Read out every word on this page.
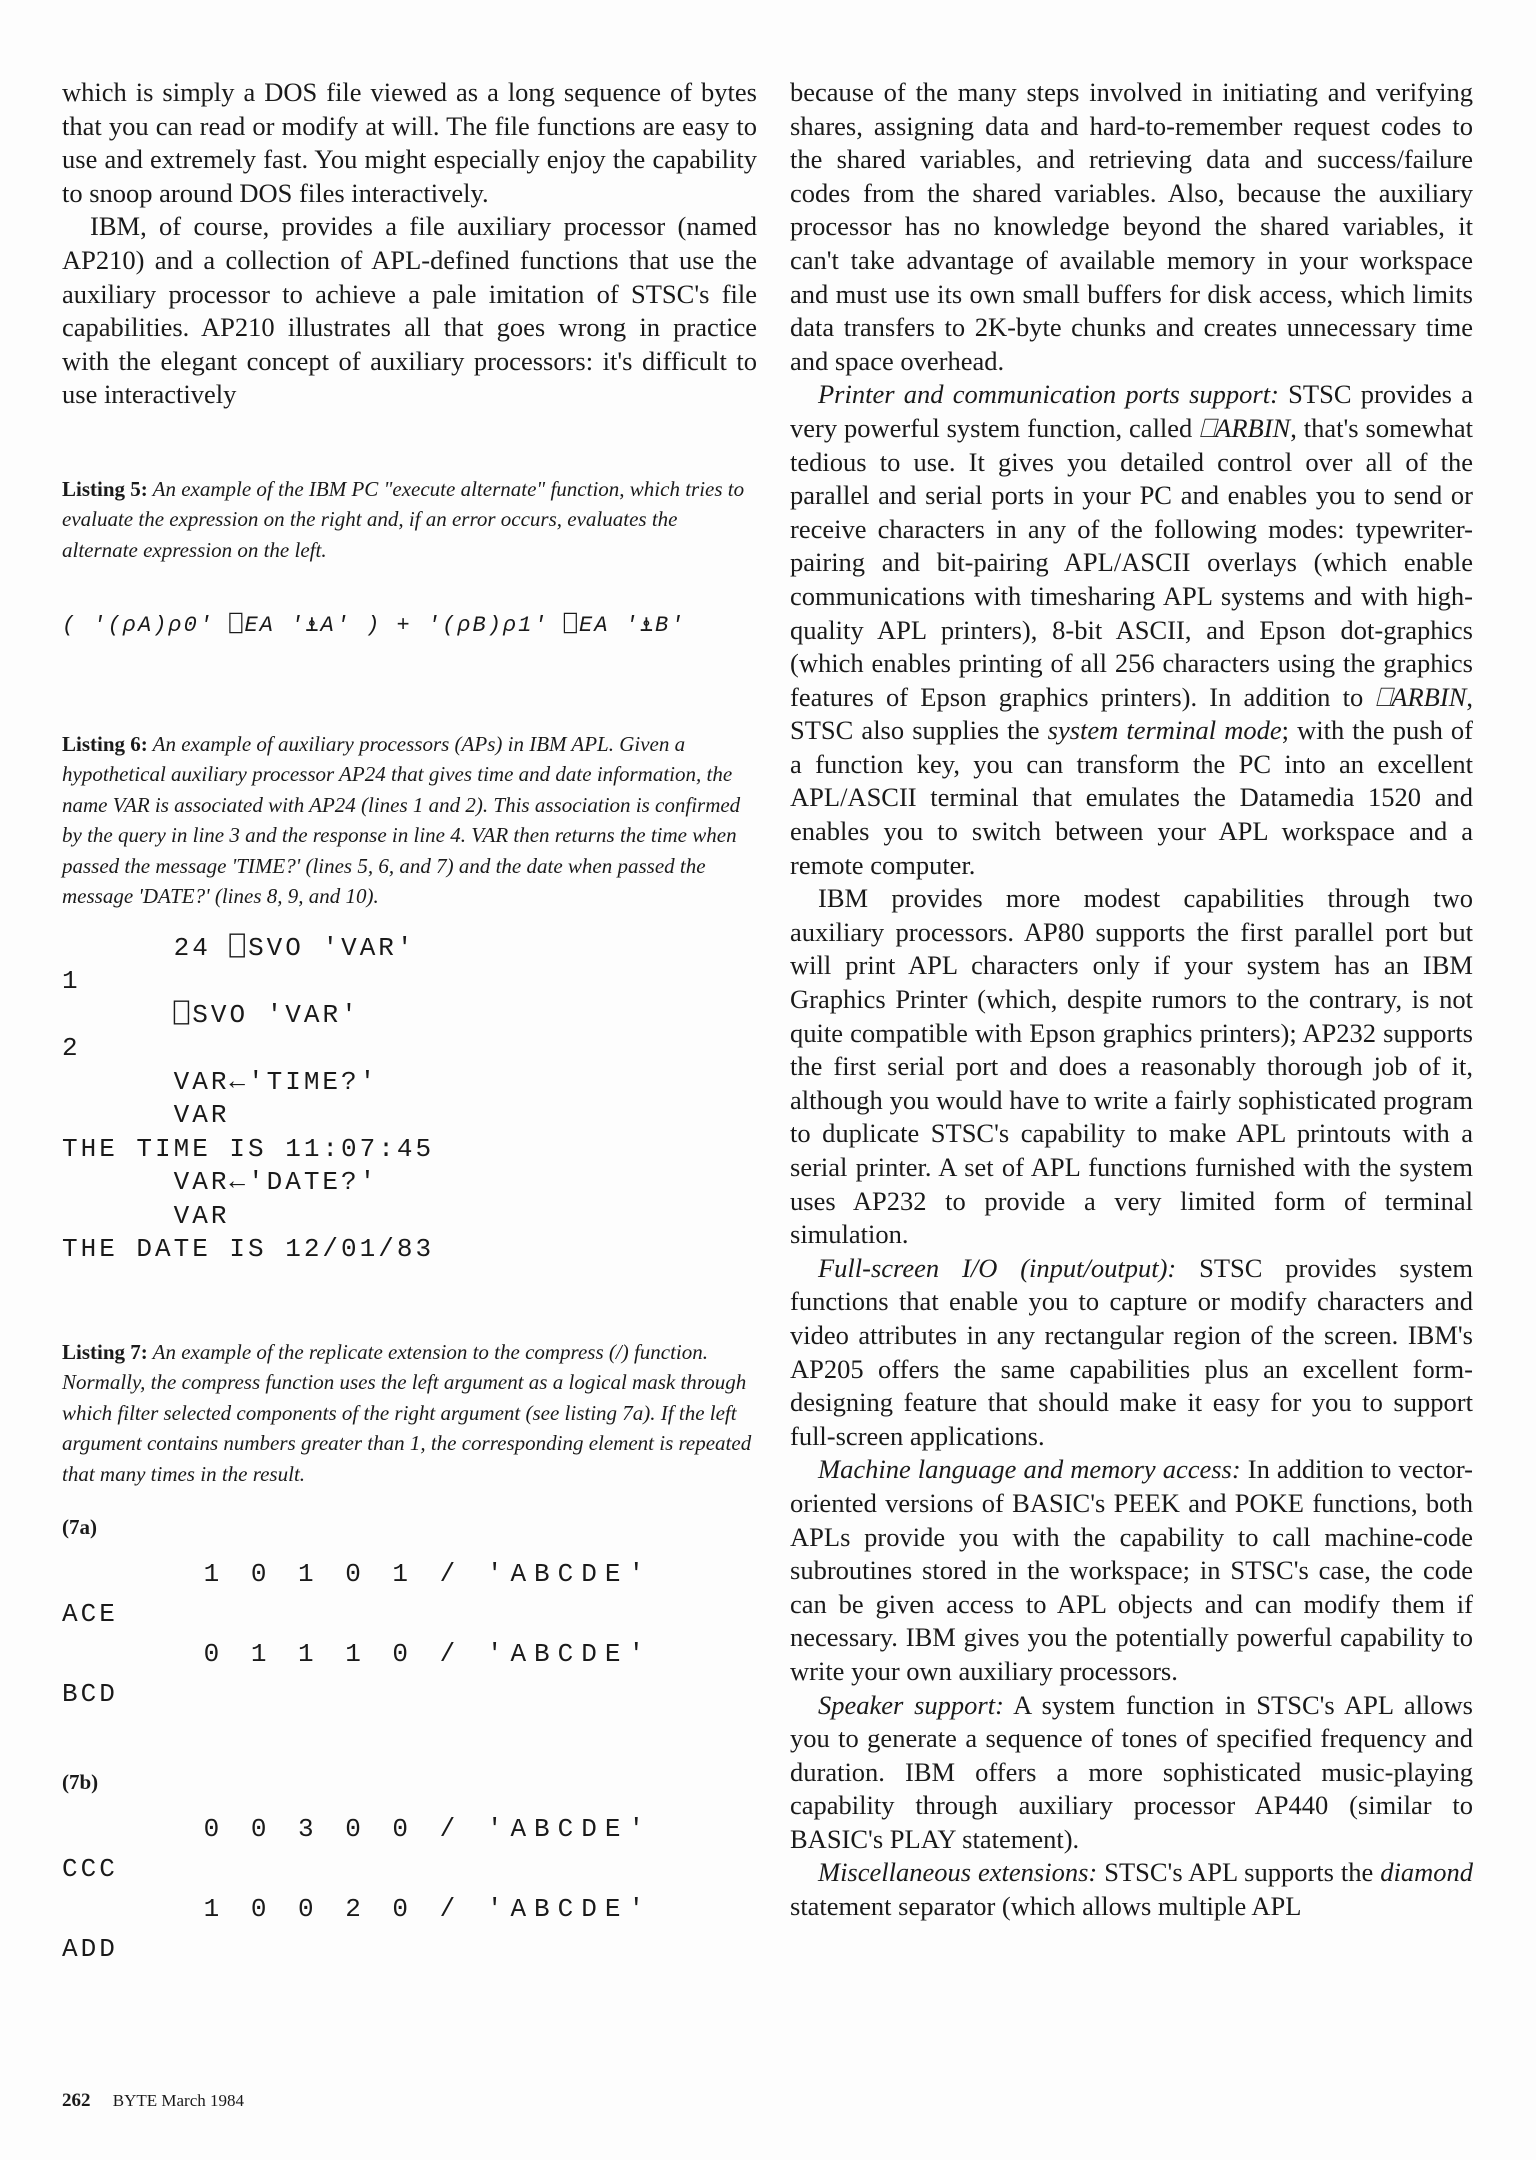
which is simply a DOS file viewed as a long sequence of bytes that you can read or modify at will. The file functions are easy to use and extremely fast. You might especially enjoy the capability to snoop around DOS files interactively.

IBM, of course, provides a file auxiliary processor (named AP210) and a collection of APL-defined functions that use the auxiliary processor to achieve a pale imitation of STSC's file capabilities. AP210 illustrates all that goes wrong in practice with the elegant concept of auxiliary processors: it's difficult to use interactively

Listing 5: An example of the IBM PC "execute alternate" function, which tries to evaluate the expression on the right and, if an error occurs, evaluates the alternate expression on the left.

( '(ρA)ρ0' ⎕EA '⍎A' ) + '(ρB)ρ1' ⎕EA '⍎B'

Listing 6: An example of auxiliary processors (APs) in IBM APL. Given a hypothetical auxiliary processor AP24 that gives time and date information, the name VAR is associated with AP24 (lines 1 and 2). This association is confirmed by the query in line 3 and the response in line 4. VAR then returns the time when passed the message 'TIME?' (lines 5, 6, and 7) and the date when passed the message 'DATE?' (lines 8, 9, and 10).

24 ⎕SVO 'VAR'
1
⎕SVO 'VAR'
2
VAR←'TIME?'
VAR
THE TIME IS 11:07:45
VAR←'DATE?'
VAR
THE DATE IS 12/01/83

Listing 7: An example of the replicate extension to the compress (/) function. Normally, the compress function uses the left argument as a logical mask through which filter selected components of the right argument (see listing 7a). If the left argument contains numbers greater than 1, the corresponding element is repeated that many times in the result.

(7a)

1 0 1 0 1 / 'ABCDE'
ACE
0 1 1 1 0 / 'ABCDE'
BCD

(7b)

0 0 3 0 0 / 'ABCDE'
CCC
1 0 0 2 0 / 'ABCDE'
ADD

because of the many steps involved in initiating and verifying shares, assigning data and hard-to-remember request codes to the shared variables, and retrieving data and success/failure codes from the shared variables. Also, because the auxiliary processor has no knowledge beyond the shared variables, it can't take advantage of available memory in your workspace and must use its own small buffers for disk access, which limits data transfers to 2K-byte chunks and creates unnecessary time and space overhead.

Printer and communication ports support: STSC provides a very powerful system function, called ⎕ARBIN, that's somewhat tedious to use. It gives you detailed control over all of the parallel and serial ports in your PC and enables you to send or receive characters in any of the following modes: typewriter-pairing and bit-pairing APL/ASCII overlays (which enable communications with timesharing APL systems and with high-quality APL printers), 8-bit ASCII, and Epson dot-graphics (which enables printing of all 256 characters using the graphics features of Epson graphics printers). In addition to ⎕ARBIN, STSC also supplies the system terminal mode; with the push of a function key, you can transform the PC into an excellent APL/ASCII terminal that emulates the Datamedia 1520 and enables you to switch between your APL workspace and a remote computer.

IBM provides more modest capabilities through two auxiliary processors. AP80 supports the first parallel port but will print APL characters only if your system has an IBM Graphics Printer (which, despite rumors to the contrary, is not quite compatible with Epson graphics printers); AP232 supports the first serial port and does a reasonably thorough job of it, although you would have to write a fairly sophisticated program to duplicate STSC's capability to make APL printouts with a serial printer. A set of APL functions furnished with the system uses AP232 to provide a very limited form of terminal simulation.

Full-screen I/O (input/output): STSC provides system functions that enable you to capture or modify characters and video attributes in any rectangular region of the screen. IBM's AP205 offers the same capabilities plus an excellent form-designing feature that should make it easy for you to support full-screen applications.

Machine language and memory access: In addition to vector-oriented versions of BASIC's PEEK and POKE functions, both APLs provide you with the capability to call machine-code subroutines stored in the workspace; in STSC's case, the code can be given access to APL objects and can modify them if necessary. IBM gives you the potentially powerful capability to write your own auxiliary processors.

Speaker support: A system function in STSC's APL allows you to generate a sequence of tones of specified frequency and duration. IBM offers a more sophisticated music-playing capability through auxiliary processor AP440 (similar to BASIC's PLAY statement).

Miscellaneous extensions: STSC's APL supports the diamond statement separator (which allows multiple APL

262 BYTE March 1984
